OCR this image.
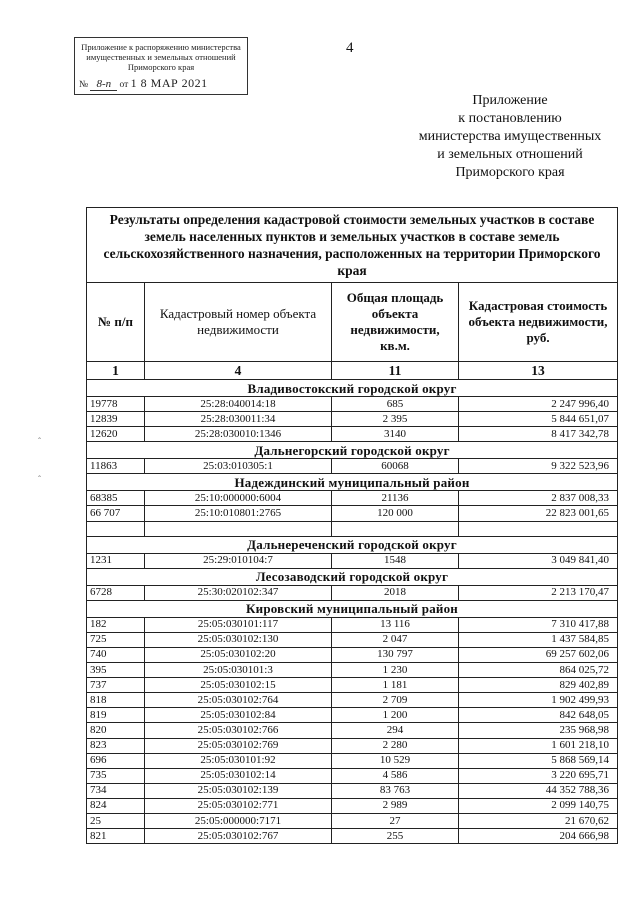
4
Приложение к распоряжению министерства
имущественных и земельных отношений
Приморского края
№ 8-п от 1 8 МАР 2021
Приложение
к постановлению
министерства имущественных
и земельных отношений
Приморского края
ˆ
ˆ
Результаты определения кадастровой стоимости земельных участков в составе земель населенных пунктов и земельных участков в составе земель сельскохозяйственного назначения, расположенных на территории Приморского края			
№ п/п	Кадастровый номер объекта недвижимости	Общая площадь объекта недвижимости, кв.м.	Кадастровая стоимость объекта недвижимости, руб.
1	4	11	13
Владивостокский городской округ			
19778	25:28:040014:18	685	2 247 996,40
12839	25:28:030011:34	2 395	5 844 651,07
12620	25:28:030010:1346	3140	8 417 342,78
Дальнегорский городской округ			
11863	25:03:010305:1	60068	9 322 523,96
Надеждинский муниципальный район			
68385	25:10:000000:6004	21136	2 837 008,33
66 707	25:10:010801:2765	120 000	22 823 001,65

Дальнереченский городской округ			
1231	25:29:010104:7	1548	3 049 841,40
Лесозаводский городской округ			
6728	25:30:020102:347	2018	2 213 170,47
Кировский муниципальный район			
182	25:05:030101:117	13 116	7 310 417,88
725	25:05:030102:130	2 047	1 437 584,85
740	25:05:030102:20	130 797	69 257 602,06
395	25:05:030101:3	1 230	864 025,72
737	25:05:030102:15	1 181	829 402,89
818	25:05:030102:764	2 709	1 902 499,93
819	25:05:030102:84	1 200	842 648,05
820	25:05:030102:766	294	235 968,98
823	25:05:030102:769	2 280	1 601 218,10
696	25:05:030101:92	10 529	5 868 569,14
735	25:05:030102:14	4 586	3 220 695,71
734	25:05:030102:139	83 763	44 352 788,36
824	25:05:030102:771	2 989	2 099 140,75
25	25:05:000000:7171	27	21 670,62
821	25:05:030102:767	255	204 666,98
